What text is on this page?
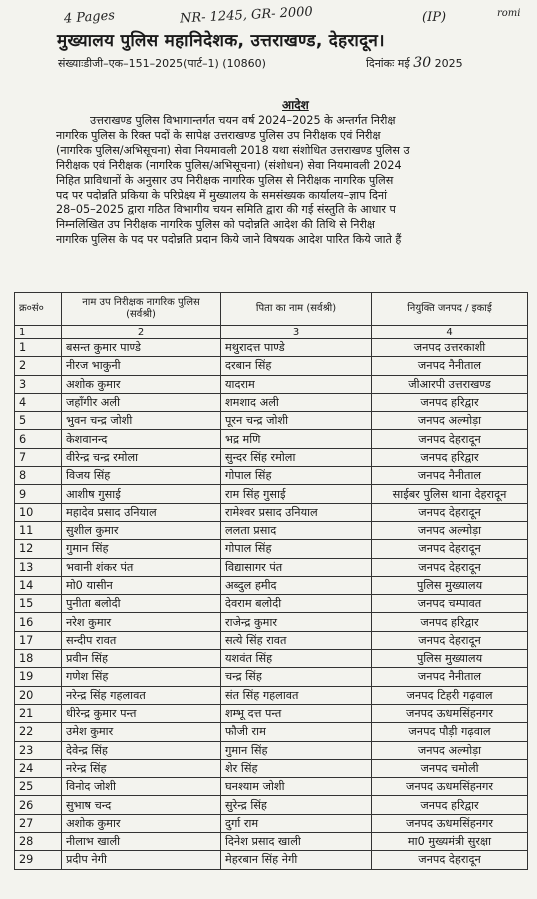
4 Pages	NR- 1245, GR- 2000	(IP)	romi
मुख्यालय पुलिस महानिदेशक, उत्तराखण्ड, देहरादून।
संख्याःडीजी–एक–151–2025(पार्ट–1) (10860)	दिनांकः मई 30 2025
आदेश
उत्तराखण्ड पुलिस विभागान्तर्गत चयन वर्ष 2024–2025 के अन्तर्गत निरीक्ष
नागरिक पुलिस के रिक्त पदों के सापेक्ष उत्तराखण्ड पुलिस उप निरीक्षक एवं निरीक्ष
(नागरिक पुलिस/अभिसूचना) सेवा नियमावली 2018 यथा संशोधित उत्तराखण्ड पुलिस उ
निरीक्षक एवं निरीक्षक (नागरिक पुलिस/अभिसूचना) (संशोधन) सेवा नियमावली 2024
निहित प्राविधानों के अनुसार उप निरीक्षक नागरिक पुलिस से निरीक्षक नागरिक पुलिस
पद पर पदोन्नति प्रकिया के परिप्रेक्ष्य में मुख्यालय के समसंख्यक कार्यालय–ज्ञाप दिनां
28–05–2025 द्वारा गठित विभागीय चयन समिति द्वारा की गई संस्तुति के आधार प
निम्नलिखित उप निरीक्षक नागरिक पुलिस को पदोन्नति आदेश की तिथि से निरीक्ष
नागरिक पुलिस के पद पर पदोन्नति प्रदान किये जाने विषयक आदेश पारित किये जाते हैं
क्र०सं०	नाम उप निरीक्षक नागरिक पुलिस (सर्वश्री)	पिता का नाम (सर्वश्री)	नियुक्ति जनपद / इकाई
1	2	3	4
1	बसन्त कुमार पाण्डे	मथुरादत्त पाण्डे	जनपद उत्तरकाशी
2	नीरज भाकुनी	दरबान सिंह	जनपद नैनीताल
3	अशोक कुमार	यादराम	जीआरपी उत्तराखण्ड
4	जहाँगीर अली	शमशाद अली	जनपद हरिद्वार
5	भुवन चन्द्र जोशी	पूरन चन्द्र जोशी	जनपद अल्मोड़ा
6	केशवानन्द	भद्र मणि	जनपद देहरादून
7	वीरेन्द्र चन्द्र रमोला	सुन्दर सिंह रमोला	जनपद हरिद्वार
8	विजय सिंह	गोपाल सिंह	जनपद नैनीताल
9	आशीष गुसाई	राम सिंह गुसाई	साईबर पुलिस थाना देहरादून
10	महादेव प्रसाद उनियाल	रामेश्वर प्रसाद उनियाल	जनपद देहरादून
11	सुशील कुमार	ललता प्रसाद	जनपद अल्मोड़ा
12	गुमान सिंह	गोपाल सिंह	जनपद देहरादून
13	भवानी शंकर पंत	विद्यासागर पंत	जनपद देहरादून
14	मो0 यासीन	अब्दुल हमीद	पुलिस मुख्यालय
15	पुनीता बलोदी	देवराम बलोदी	जनपद चम्पावत
16	नरेश कुमार	राजेन्द्र कुमार	जनपद हरिद्वार
17	सन्दीप रावत	सत्ये सिंह रावत	जनपद देहरादून
18	प्रवीन सिंह	यशवंत सिंह	पुलिस मुख्यालय
19	गणेश सिंह	चन्द्र सिंह	जनपद नैनीताल
20	नरेन्द्र सिंह गहलावत	संत सिंह गहलावत	जनपद टिहरी गढ़वाल
21	धीरेन्द्र कुमार पन्त	शम्भू दत्त पन्त	जनपद ऊधमसिंहनगर
22	उमेश कुमार	फौजी राम	जनपद पौड़ी गढ़वाल
23	देवेन्द्र सिंह	गुमान सिंह	जनपद अल्मोड़ा
24	नरेन्द्र सिंह	शेर सिंह	जनपद चमोली
25	विनोद जोशी	घनश्याम जोशी	जनपद ऊधमसिंहनगर
26	सुभाष चन्द	सुरेन्द्र सिंह	जनपद हरिद्वार
27	अशोक कुमार	दुर्गा राम	जनपद ऊधमसिंहनगर
28	नीलाभ खाली	दिनेश प्रसाद खाली	मा0 मुख्यमंत्री सुरक्षा
29	प्रदीप नेगी	मेहरबान सिंह नेगी	जनपद देहरादून
